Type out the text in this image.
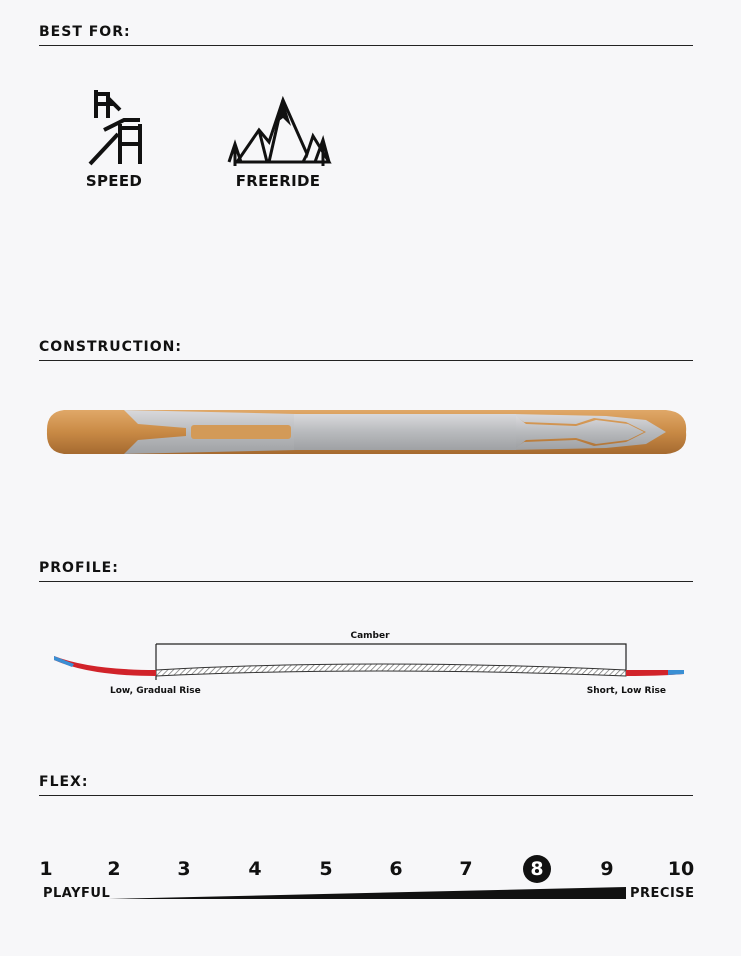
BEST FOR:
SPEED	FREERIDE
CONSTRUCTION:
PROFILE:
Camber
Low, Gradual Rise	Short, Low Rise
FLEX:
1	2	3	4	5	6	7	8	9	10
PLAYFUL	PRECISE
